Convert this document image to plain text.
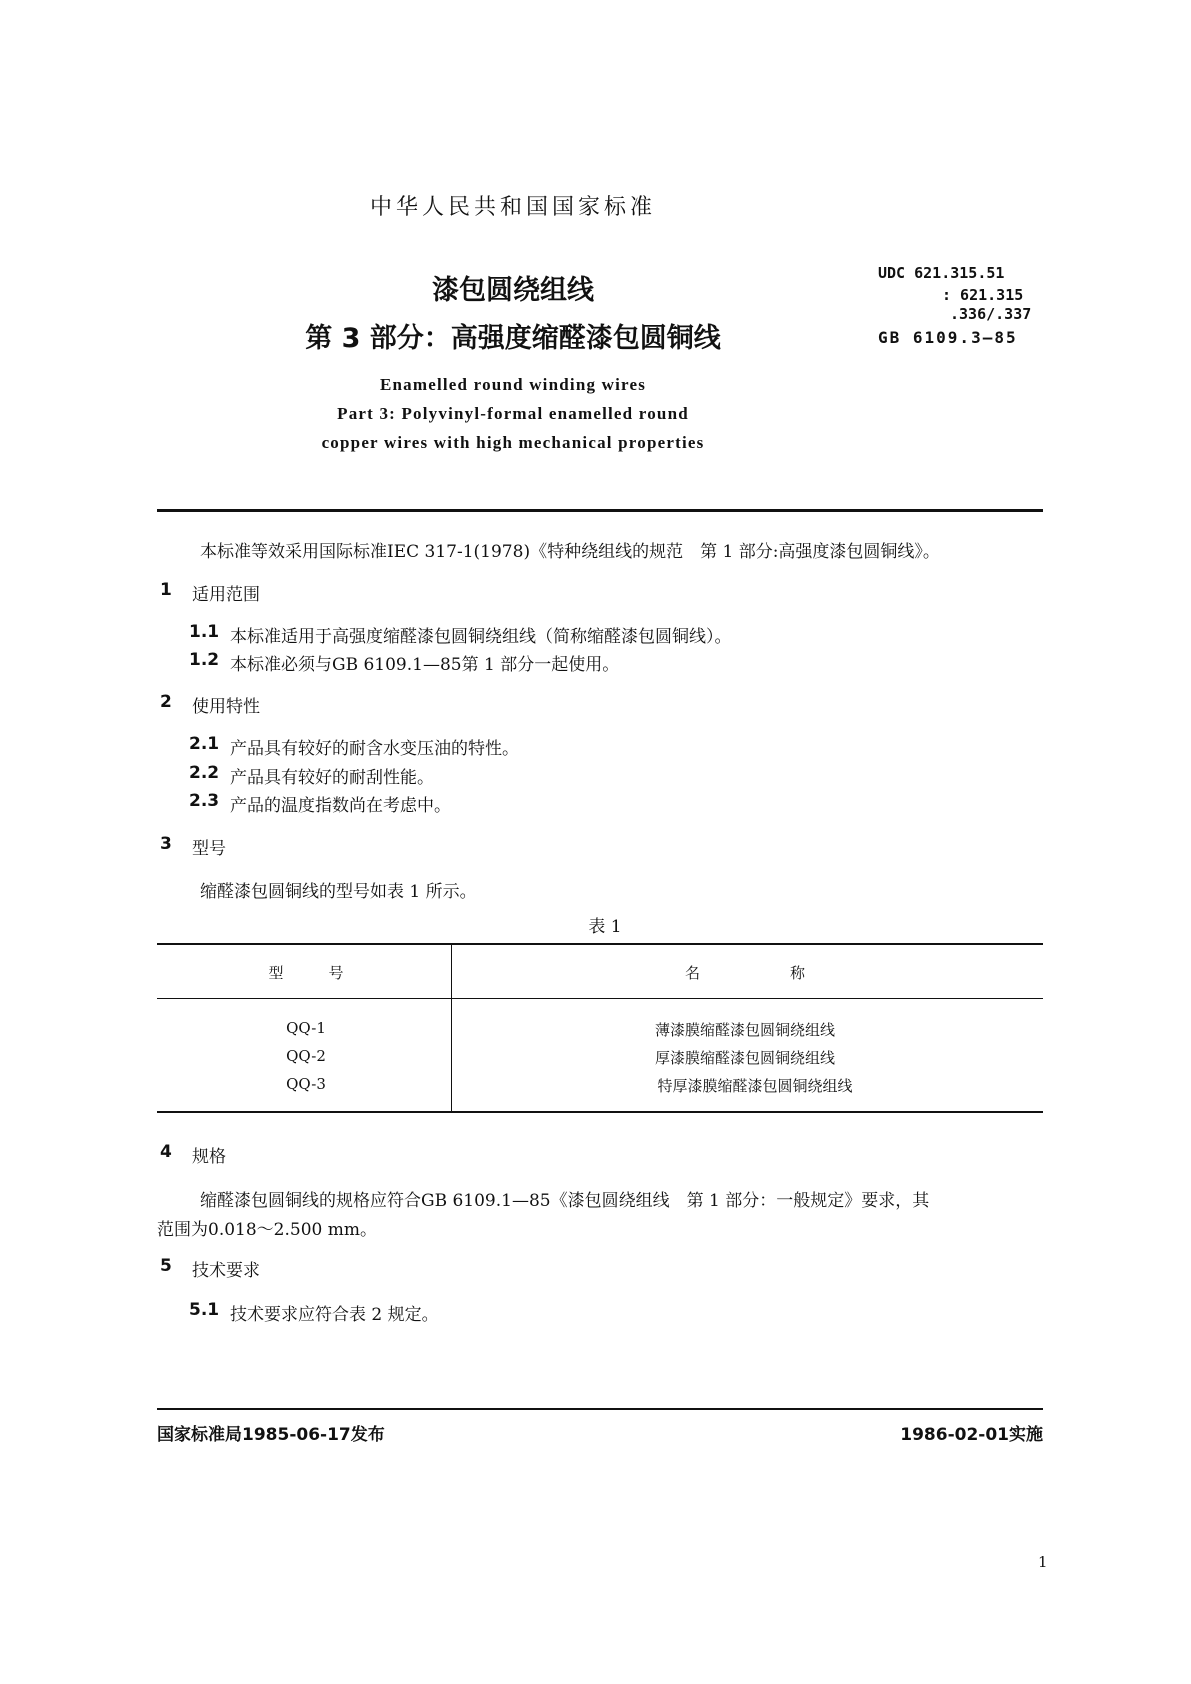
中华人民共和国国家标准
漆包圆绕组线
第 3 部分：高强度缩醛漆包圆铜线
UDC 621.315.51
: 621.315
.336/.337
GB 6109.3—85
Enamelled round winding wires
Part 3: Polyvinyl-formal enamelled round
copper wires with high mechanical properties
本标准等效采用国际标准IEC 317-1(1978)《特种绕组线的规范　第 1 部分:高强度漆包圆铜线》。
1 适用范围
1.1 本标准适用于高强度缩醛漆包圆铜绕组线（简称缩醛漆包圆铜线）。
1.2 本标准必须与GB 6109.1—85第 1 部分一起使用。
2 使用特性
2.1 产品具有较好的耐含水变压油的特性。
2.2 产品具有较好的耐刮性能。
2.3 产品的温度指数尚在考虑中。
3 型号
缩醛漆包圆铜线的型号如表 1 所示。
表 1
型　　　号	名　　　　　　称
QQ-1	薄漆膜缩醛漆包圆铜绕组线
QQ-2	厚漆膜缩醛漆包圆铜绕组线
QQ-3	特厚漆膜缩醛漆包圆铜绕组线
4 规格
缩醛漆包圆铜线的规格应符合GB 6109.1—85《漆包圆绕组线　第 1 部分：一般规定》要求，其
范围为0.018～2.500 mm。
5 技术要求
5.1 技术要求应符合表 2 规定。
国家标准局1985-06-17发布	1986-02-01实施
1
